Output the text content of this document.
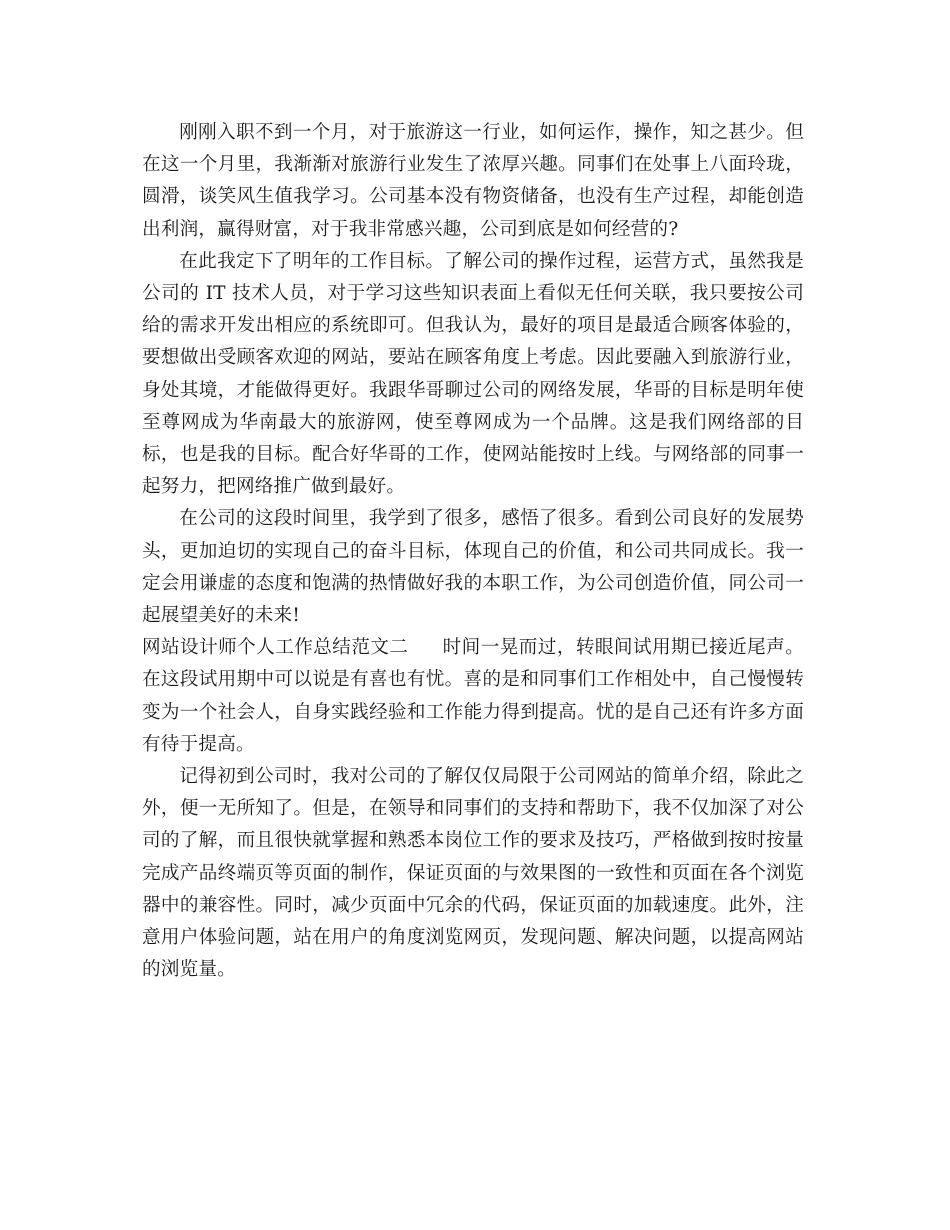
刚刚入职不到一个月，对于旅游这一行业，如何运作，操作，知之甚少。但在这一个月里，我渐渐对旅游行业发生了浓厚兴趣。同事们在处事上八面玲珑，圆滑，谈笑风生值我学习。公司基本没有物资储备，也没有生产过程，却能创造出利润，赢得财富，对于我非常感兴趣，公司到底是如何经营的?

在此我定下了明年的工作目标。了解公司的操作过程，运营方式，虽然我是公司的 IT 技术人员，对于学习这些知识表面上看似无任何关联，我只要按公司给的需求开发出相应的系统即可。但我认为，最好的项目是最适合顾客体验的，要想做出受顾客欢迎的网站，要站在顾客角度上考虑。因此要融入到旅游行业，身处其境，才能做得更好。我跟华哥聊过公司的网络发展，华哥的目标是明年使至尊网成为华南最大的旅游网，使至尊网成为一个品牌。这是我们网络部的目标，也是我的目标。配合好华哥的工作，使网站能按时上线。与网络部的同事一起努力，把网络推广做到最好。

在公司的这段时间里，我学到了很多，感悟了很多。看到公司良好的发展势头，更加迫切的实现自己的奋斗目标，体现自己的价值，和公司共同成长。我一定会用谦虚的态度和饱满的热情做好我的本职工作，为公司创造价值，同公司一起展望美好的未来!

网站设计师个人工作总结范文二 时间一晃而过，转眼间试用期已接近尾声。在这段试用期中可以说是有喜也有忧。喜的是和同事们工作相处中，自己慢慢转变为一个社会人，自身实践经验和工作能力得到提高。忧的是自己还有许多方面有待于提高。

记得初到公司时，我对公司的了解仅仅局限于公司网站的简单介绍，除此之外，便一无所知了。但是，在领导和同事们的支持和帮助下，我不仅加深了对公司的了解，而且很快就掌握和熟悉本岗位工作的要求及技巧，严格做到按时按量完成产品终端页等页面的制作，保证页面的与效果图的一致性和页面在各个浏览器中的兼容性。同时，减少页面中冗余的代码，保证页面的加载速度。此外，注意用户体验问题，站在用户的角度浏览网页，发现问题、解决问题，以提高网站的浏览量。
